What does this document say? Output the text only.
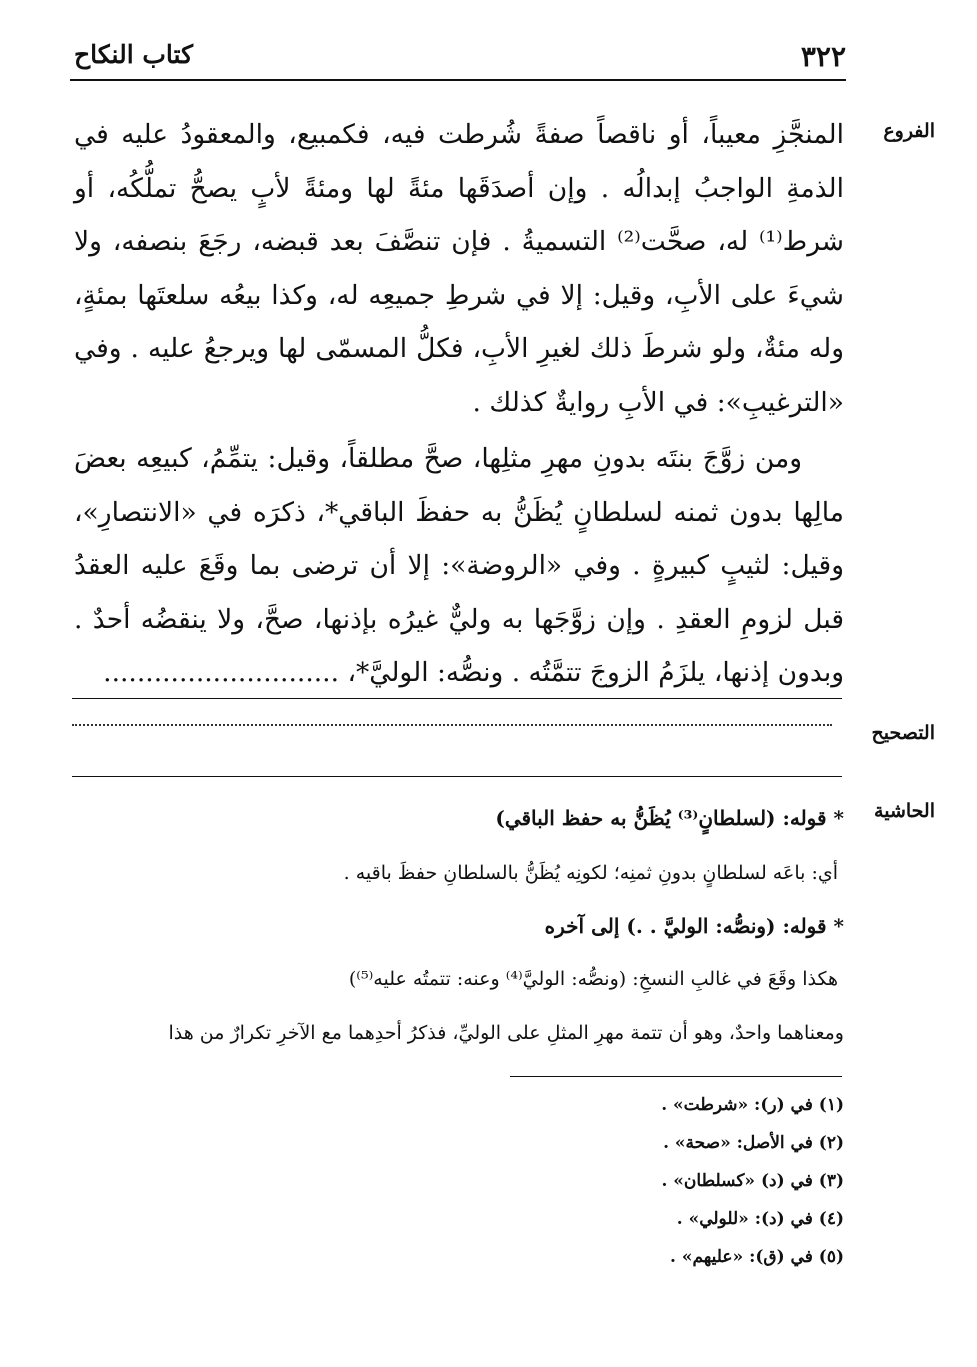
٣٢٢
كتاب النكاح
الفروع

المنجَّزِ معيباً، أو ناقصاً صفةً شُرطت فيه، فكمبيع، والمعقودُ عليه في الذمةِ الواجبُ إبدالُه . وإن أصدَقَها مئةً لها ومئةً لأبٍ يصحُّ تملُّكُه، أو شرط⁽¹⁾ له، صحَّت⁽²⁾ التسميةُ . فإن تنصَّفَ بعد قبضه، رجَعَ بنصفه، ولا شيءَ على الأبِ، وقيل: إلا في شرطِ جميعِه له، وكذا بيعُه سلعتَها بمئةٍ، وله مئةٌ، ولو شرطَ ذلك لغيرِ الأبِ، فكلُّ المسمّى لها ويرجعُ عليه . وفي «الترغيبِ»: في الأبِ روايةٌ كذلك .

ومن زوَّجَ بنتَه بدونِ مهرِ مثلِها، صحَّ مطلقاً، وقيل: يتمِّمُ، كبيعِه بعضَ مالِها بدون ثمنه لسلطانٍ يُظَنُّ به حفظَ الباقي*، ذكرَه في «الانتصارِ»، وقيل: لثيبٍ كبيرةٍ . وفي «الروضة»: إلا أن ترضى بما وقَعَ عليه العقدُ قبل لزومِ العقدِ . وإن زوَّجَها به وليٌّ غيرُه بإذنها، صحَّ، ولا ينقضُه أحدٌ . وبدون إذنها، يلزَمُ الزوجَ تتمَّتُه . ونصُّه: الوليَّ*، ............................

التصحيح
الحاشية
* قوله: (لسلطانٍ⁽³⁾ يُظَنُّ به حفظ الباقي)
أي: باعَه لسلطانٍ بدونِ ثمنِه؛ لكونِه يُظَنُّ بالسلطانِ حفظَ باقيه .
* قوله: (ونصُّه: الوليَّ . .) إلى آخره
هكذا وقَعَ في غالبِ النسخِ: (ونصُّه: الوليَّ⁽⁴⁾ وعنه: تتمتُه عليه⁽⁵⁾)
ومعناهما واحدٌ، وهو أن تتمة مهرِ المثلِ على الوليِّ، فذكرُ أحدِهما مع الآخرِ تكرارٌ من هذا
(١) في (ر): «شرطت» .
(٢) في الأصل: «صحة» .
(٣) في (د) «كسلطان» .
(٤) في (د): «للولي» .
(٥) في (ق): «عليهم» .
